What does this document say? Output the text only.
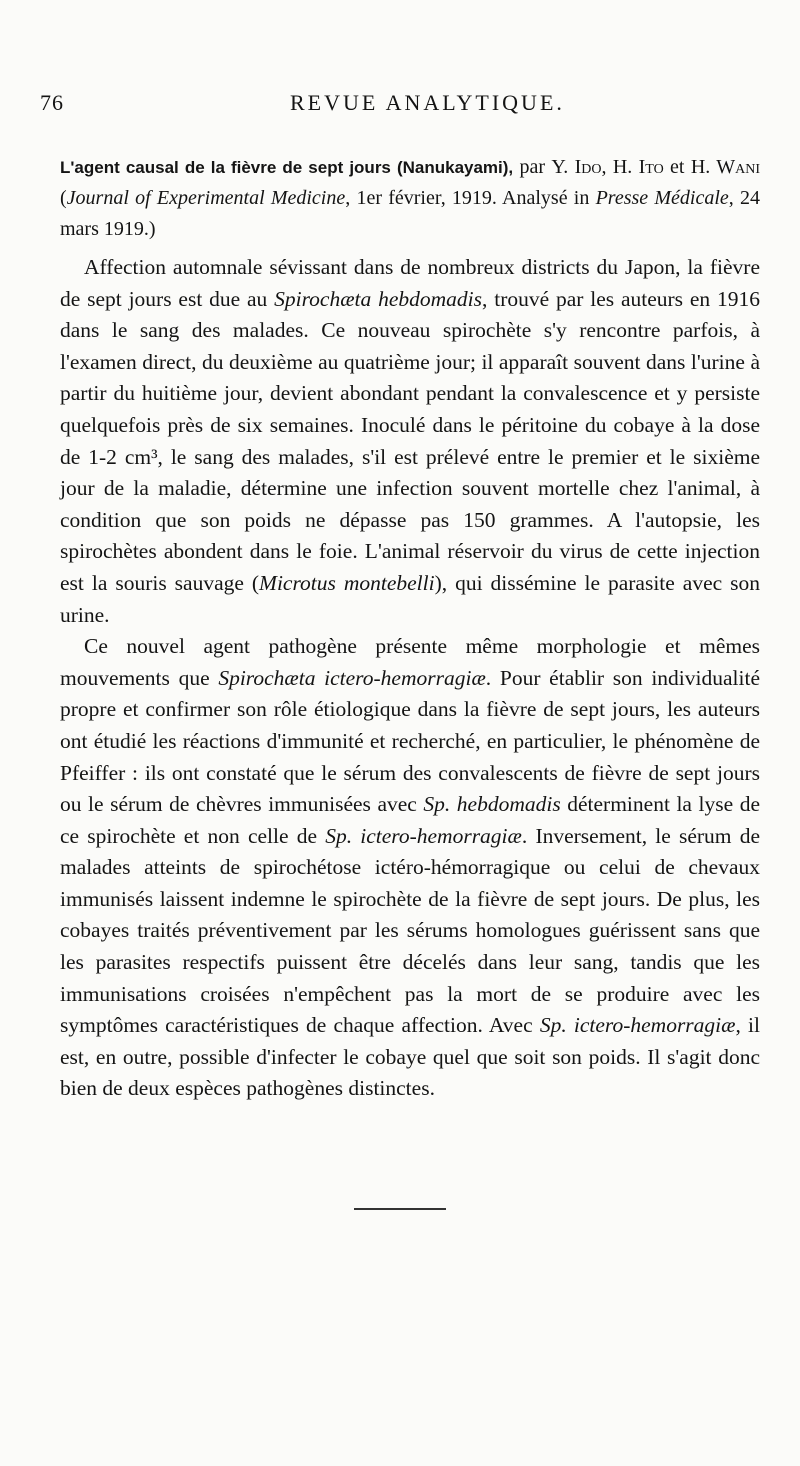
76	REVUE ANALYTIQUE.
L'agent causal de la fièvre de sept jours (Nanukayami), par Y. Ido, H. Ito et H. Wani (Journal of Experimental Medicine, 1er février, 1919. Analysé in Presse Médicale, 24 mars 1919.)

Affection automnale sévissant dans de nombreux districts du Japon, la fièvre de sept jours est due au Spirochæta hebdomadis, trouvé par les auteurs en 1916 dans le sang des malades. Ce nouveau spirochète s'y rencontre parfois, à l'examen direct, du deuxième au quatrième jour; il apparaît souvent dans l'urine à partir du huitième jour, devient abondant pendant la convalescence et y persiste quelquefois près de six semaines. Inoculé dans le péritoine du cobaye à la dose de 1-2 cm³, le sang des malades, s'il est prélevé entre le premier et le sixième jour de la maladie, détermine une infection souvent mortelle chez l'animal, à condition que son poids ne dépasse pas 150 grammes. A l'autopsie, les spirochètes abondent dans le foie. L'animal réservoir du virus de cette injection est la souris sauvage (Microtus montebelli), qui dissémine le parasite avec son urine.

Ce nouvel agent pathogène présente même morphologie et mêmes mouvements que Spirochæta ictero-hemorragiæ. Pour établir son individualité propre et confirmer son rôle étiologique dans la fièvre de sept jours, les auteurs ont étudié les réactions d'immunité et recherché, en particulier, le phénomène de Pfeiffer : ils ont constaté que le sérum des convalescents de fièvre de sept jours ou le sérum de chèvres immunisées avec Sp. hebdomadis déterminent la lyse de ce spirochète et non celle de Sp. ictero-hemorragiæ. Inversement, le sérum de malades atteints de spirochétose ictéro-hémorragique ou celui de chevaux immunisés laissent indemne le spirochète de la fièvre de sept jours. De plus, les cobayes traités préventivement par les sérums homologues guérissent sans que les parasites respectifs puissent être décelés dans leur sang, tandis que les immunisations croisées n'empêchent pas la mort de se produire avec les symptômes caractéristiques de chaque affection. Avec Sp. ictero-hemorragiæ, il est, en outre, possible d'infecter le cobaye quel que soit son poids. Il s'agit donc bien de deux espèces pathogènes distinctes.
